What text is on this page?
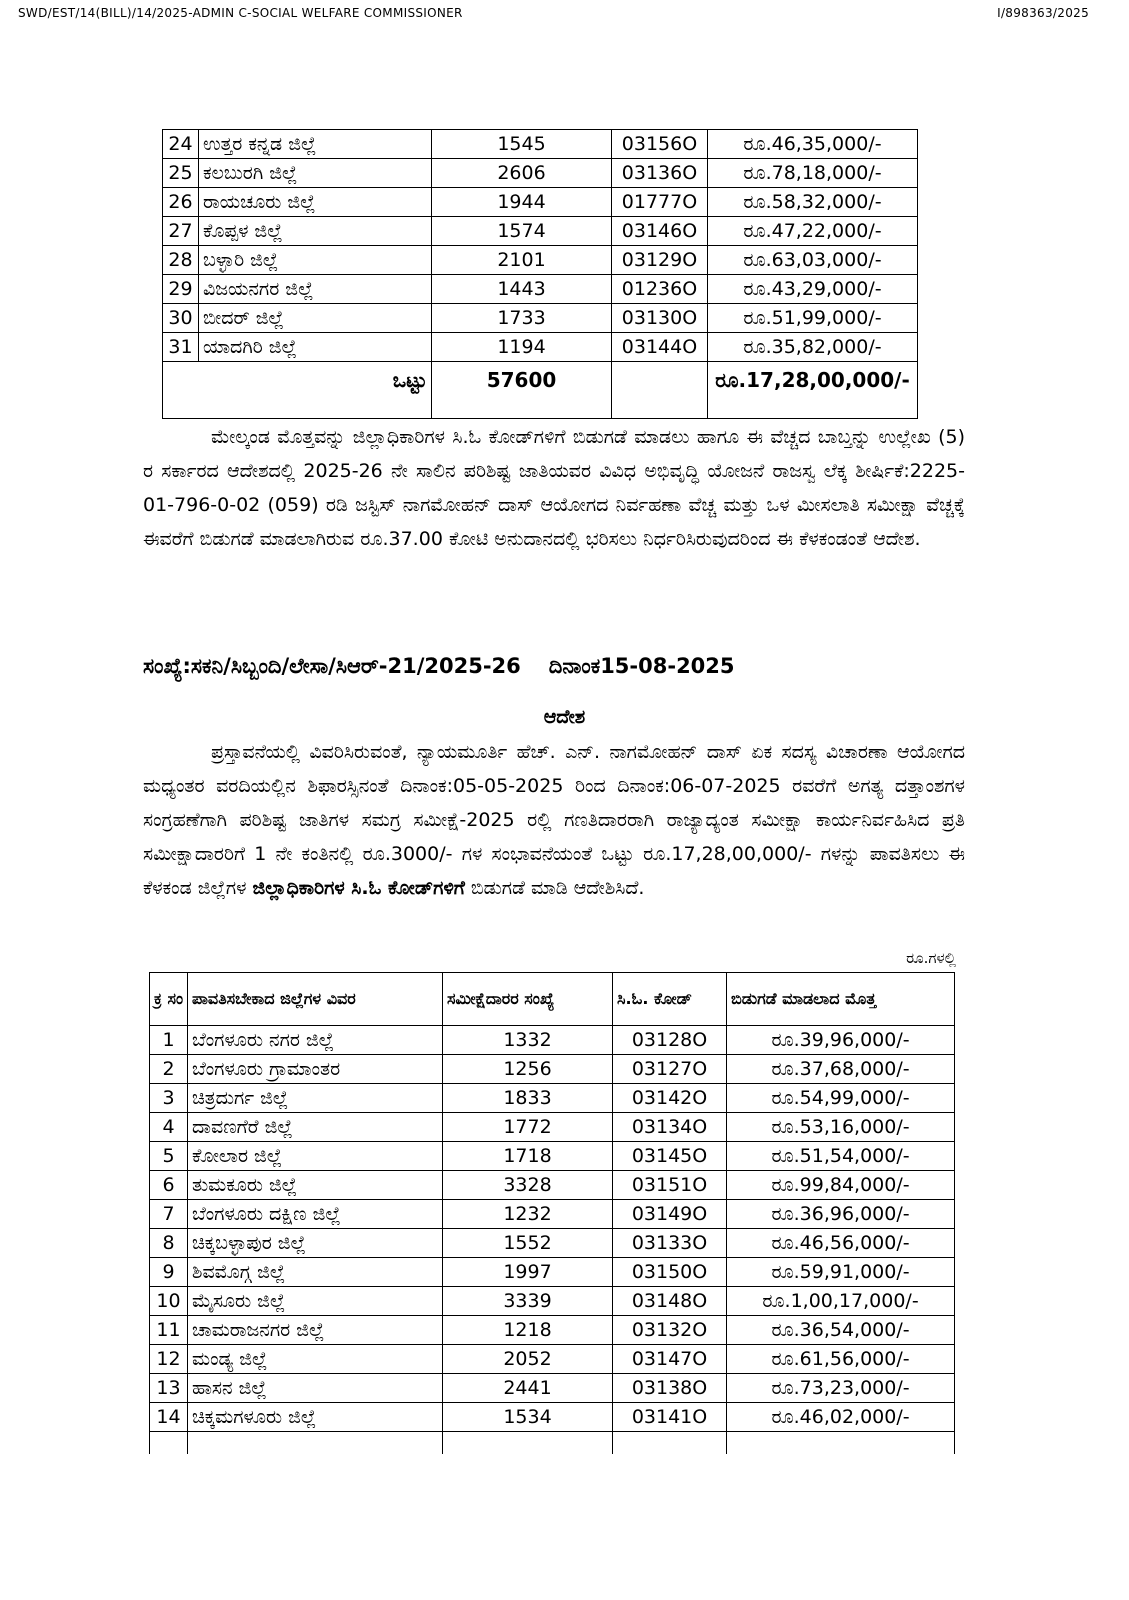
SWD/EST/14(BILL)/14/2025-ADMIN C-SOCIAL WELFARE COMMISSIONER	I/898363/2025
24	ಉತ್ತರ ಕನ್ನಡ ಜಿಲ್ಲೆ	1545	03156O	ರೂ.46,35,000/-
25	ಕಲಬುರಗಿ ಜಿಲ್ಲೆ	2606	03136O	ರೂ.78,18,000/-
26	ರಾಯಚೂರು ಜಿಲ್ಲೆ	1944	01777O	ರೂ.58,32,000/-
27	ಕೊಪ್ಪಳ ಜಿಲ್ಲೆ	1574	03146O	ರೂ.47,22,000/-
28	ಬಳ್ಳಾರಿ ಜಿಲ್ಲೆ	2101	03129O	ರೂ.63,03,000/-
29	ವಿಜಯನಗರ ಜಿಲ್ಲೆ	1443	01236O	ರೂ.43,29,000/-
30	ಬೀದರ್ ಜಿಲ್ಲೆ	1733	03130O	ರೂ.51,99,000/-
31	ಯಾದಗಿರಿ ಜಿಲ್ಲೆ	1194	03144O	ರೂ.35,82,000/-
ಒಟ್ಟು		57600		ರೂ.17,28,00,000/-
ಮೇಲ್ಕಂಡ ಮೊತ್ತವನ್ನು ಜಿಲ್ಲಾಧಿಕಾರಿಗಳ ಸಿ.ಓ ಕೋಡ್‌ಗಳಿಗೆ ಬಿಡುಗಡೆ ಮಾಡಲು ಹಾಗೂ ಈ ವೆಚ್ಚದ ಬಾಬ್ತನ್ನು ಉಲ್ಲೇಖ (5) ರ ಸರ್ಕಾರದ ಆದೇಶದಲ್ಲಿ 2025-26 ನೇ ಸಾಲಿನ ಪರಿಶಿಷ್ಟ ಜಾತಿಯವರ ವಿವಿಧ ಅಭಿವೃದ್ಧಿ ಯೋಜನೆ ರಾಜಸ್ವ ಲೆಕ್ಕ ಶೀರ್ಷಿಕೆ:2225-01-796-0-02 (059) ರಡಿ ಜಸ್ಟಿಸ್ ನಾಗಮೋಹನ್ ದಾಸ್ ಆಯೋಗದ ನಿರ್ವಹಣಾ ವೆಚ್ಚ ಮತ್ತು ಒಳ ಮೀಸಲಾತಿ ಸಮೀಕ್ಷಾ ವೆಚ್ಚಕ್ಕೆ ಈವರೆಗೆ ಬಿಡುಗಡೆ ಮಾಡಲಾಗಿರುವ ರೂ.37.00 ಕೋಟಿ ಅನುದಾನದಲ್ಲಿ ಭರಿಸಲು ನಿರ್ಧರಿಸಿರುವುದರಿಂದ ಈ ಕೆಳಕಂಡಂತೆ ಆದೇಶ.
ಸಂಖ್ಯೆ:ಸಕನಿ/ಸಿಬ್ಬಂದಿ/ಲೇಸಾ/ಸಿಆರ್-21/2025-26 ದಿನಾಂಕ15-08-2025
ಆದೇಶ
ಪ್ರಸ್ತಾವನೆಯಲ್ಲಿ ವಿವರಿಸಿರುವಂತೆ, ನ್ಯಾಯಮೂರ್ತಿ ಹೆಚ್. ಎನ್. ನಾಗಮೋಹನ್ ದಾಸ್ ಏಕ ಸದಸ್ಯ ವಿಚಾರಣಾ ಆಯೋಗದ ಮಧ್ಯಂತರ ವರದಿಯಲ್ಲಿನ ಶಿಫಾರಸ್ಸಿನಂತೆ ದಿನಾಂಕ:05-05-2025 ರಿಂದ ದಿನಾಂಕ:06-07-2025 ರವರೆಗೆ ಅಗತ್ಯ ದತ್ತಾಂಶಗಳ ಸಂಗ್ರಹಣೆಗಾಗಿ ಪರಿಶಿಷ್ಟ ಜಾತಿಗಳ ಸಮಗ್ರ ಸಮೀಕ್ಷೆ-2025 ರಲ್ಲಿ ಗಣತಿದಾರರಾಗಿ ರಾಜ್ಯಾದ್ಯಂತ ಸಮೀಕ್ಷಾ ಕಾರ್ಯನಿರ್ವಹಿಸಿದ ಪ್ರತಿ ಸಮೀಕ್ಷಾದಾರರಿಗೆ 1 ನೇ ಕಂತಿನಲ್ಲಿ ರೂ.3000/- ಗಳ ಸಂಭಾವನೆಯಂತೆ ಒಟ್ಟು ರೂ.17,28,00,000/- ಗಳನ್ನು ಪಾವತಿಸಲು ಈ ಕೆಳಕಂಡ ಜಿಲ್ಲೆಗಳ ಜಿಲ್ಲಾಧಿಕಾರಿಗಳ ಸಿ.ಓ ಕೋಡ್‌ಗಳಿಗೆ ಬಿಡುಗಡೆ ಮಾಡಿ ಆದೇಶಿಸಿದೆ.
ರೂ.ಗಳಲ್ಲಿ
ಕ್ರ ಸಂ	ಪಾವತಿಸಬೇಕಾದ ಜಿಲ್ಲೆಗಳ ವಿವರ	ಸಮೀಕ್ಷೆದಾರರ ಸಂಖ್ಯೆ	ಸಿ.ಓ. ಕೋಡ್	ಬಿಡುಗಡೆ ಮಾಡಲಾದ ಮೊತ್ತ
1	ಬೆಂಗಳೂರು ನಗರ ಜಿಲ್ಲೆ	1332	03128O	ರೂ.39,96,000/-
2	ಬೆಂಗಳೂರು ಗ್ರಾಮಾಂತರ	1256	03127O	ರೂ.37,68,000/-
3	ಚಿತ್ರದುರ್ಗ ಜಿಲ್ಲೆ	1833	03142O	ರೂ.54,99,000/-
4	ದಾವಣಗೆರೆ ಜಿಲ್ಲೆ	1772	03134O	ರೂ.53,16,000/-
5	ಕೋಲಾರ ಜಿಲ್ಲೆ	1718	03145O	ರೂ.51,54,000/-
6	ತುಮಕೂರು ಜಿಲ್ಲೆ	3328	03151O	ರೂ.99,84,000/-
7	ಬೆಂಗಳೂರು ದಕ್ಷಿಣ ಜಿಲ್ಲೆ	1232	03149O	ರೂ.36,96,000/-
8	ಚಿಕ್ಕಬಳ್ಳಾಪುರ ಜಿಲ್ಲೆ	1552	03133O	ರೂ.46,56,000/-
9	ಶಿವಮೊಗ್ಗ ಜಿಲ್ಲೆ	1997	03150O	ರೂ.59,91,000/-
10	ಮೈಸೂರು ಜಿಲ್ಲೆ	3339	03148O	ರೂ.1,00,17,000/-
11	ಚಾಮರಾಜನಗರ ಜಿಲ್ಲೆ	1218	03132O	ರೂ.36,54,000/-
12	ಮಂಡ್ಯ ಜಿಲ್ಲೆ	2052	03147O	ರೂ.61,56,000/-
13	ಹಾಸನ ಜಿಲ್ಲೆ	2441	03138O	ರೂ.73,23,000/-
14	ಚಿಕ್ಕಮಗಳೂರು ಜಿಲ್ಲೆ	1534	03141O	ರೂ.46,02,000/-
